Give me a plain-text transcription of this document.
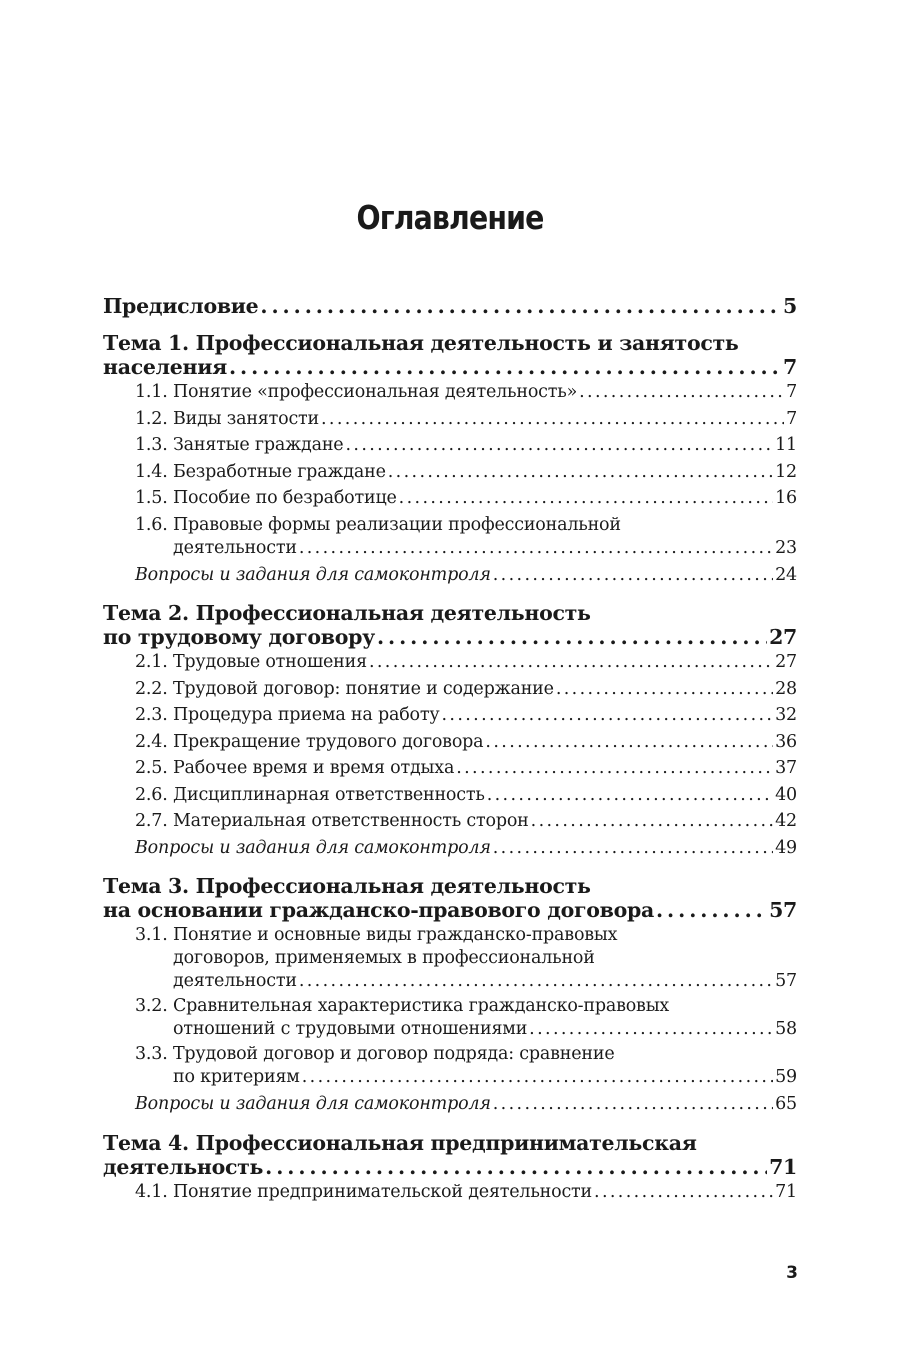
Оглавление
Предисловие . . .	5
Тема 1. Профессиональная деятельность и занятость
населения . . .	7
1.1. Понятие «профессиональная деятельность» . . .	7
1.2. Виды занятости . . .	7
1.3. Занятые граждане . . .	11
1.4. Безработные граждане . . .	12
1.5. Пособие по безработице . . .	16
1.6. Правовые формы реализации профессиональной
деятельности . . .	23
Вопросы и задания для самоконтроля . . .	24
Тема 2. Профессиональная деятельность
по трудовому договору . . .	27
2.1. Трудовые отношения . . .	27
2.2. Трудовой договор: понятие и содержание . . .	28
2.3. Процедура приема на работу . . .	32
2.4. Прекращение трудового договора . . .	36
2.5. Рабочее время и время отдыха . . .	37
2.6. Дисциплинарная ответственность . . .	40
2.7. Материальная ответственность сторон . . .	42
Вопросы и задания для самоконтроля . . .	49
Тема 3. Профессиональная деятельность
на основании гражданско-правового договора . . .	57
3.1. Понятие и основные виды гражданско-правовых
договоров, применяемых в профессиональной
деятельности . . .	57
3.2. Сравнительная характеристика гражданско-правовых
отношений с трудовыми отношениями . . .	58
3.3. Трудовой договор и договор подряда: сравнение
по критериям . . .	59
Вопросы и задания для самоконтроля . . .	65
Тема 4. Профессиональная предпринимательская
деятельность . . .	71
4.1. Понятие предпринимательской деятельности . . .	71
3
